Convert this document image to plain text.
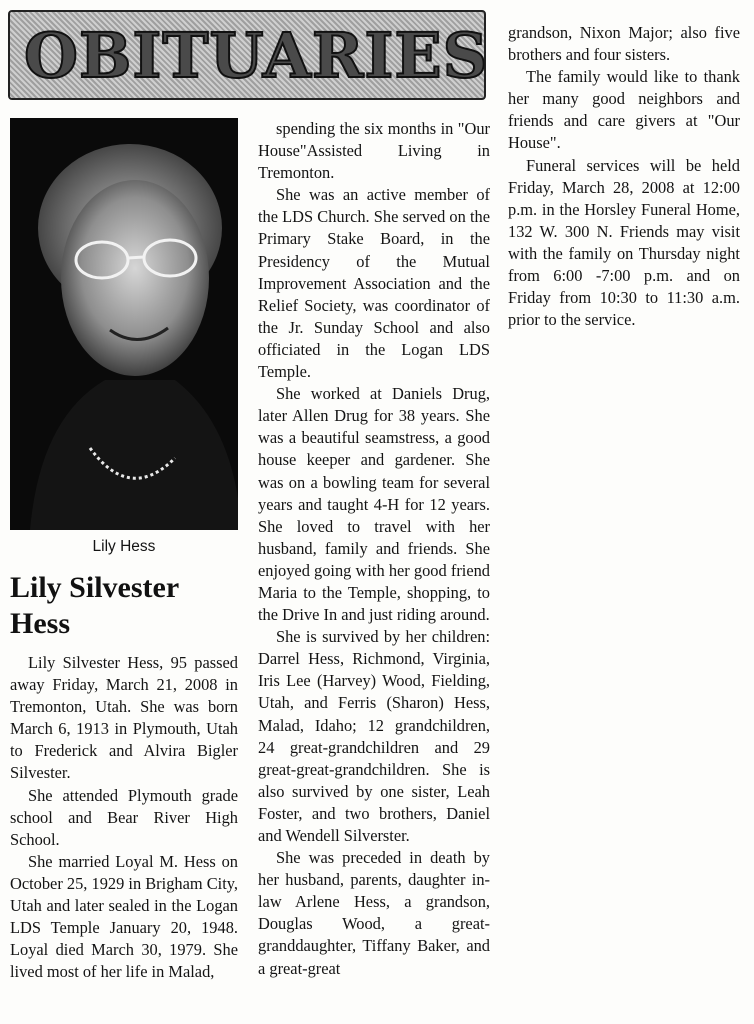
OBITUARIES

Lily Hess

Lily Silvester Hess

Lily Silvester Hess, 95 passed away Friday, March 21, 2008 in Tremonton, Utah. She was born March 6, 1913 in Plymouth, Utah to Frederick and Alvira Bigler Silvester.

She attended Plymouth grade school and Bear River High School.

She married Loyal M. Hess on October 25, 1929 in Brigham City, Utah and later sealed in the Logan LDS Temple January 20, 1948. Loyal died March 30, 1979. She lived most of her life in Malad,

spending the six months in "Our House"Assisted Living in Tremonton.

She was an active member of the LDS Church. She served on the Primary Stake Board, in the Presidency of the Mutual Improvement Association and the Relief Society, was coordinator of the Jr. Sunday School and also officiated in the Logan LDS Temple.

She worked at Daniels Drug, later Allen Drug for 38 years. She was a beautiful seamstress, a good house keeper and gardener. She was on a bowling team for several years and taught 4-H for 12 years. She loved to travel with her husband, family and friends. She enjoyed going with her good friend Maria to the Temple, shopping, to the Drive In and just riding around.

She is survived by her children: Darrel Hess, Richmond, Virginia, Iris Lee (Harvey) Wood, Fielding, Utah, and Ferris (Sharon) Hess, Malad, Idaho; 12 grandchildren, 24 great-grandchildren and 29 great-great-grandchildren. She is also survived by one sister, Leah Foster, and two brothers, Daniel and Wendell Silverster.

She was preceded in death by her husband, parents, daughter in- law Arlene Hess, a grandson, Douglas Wood, a great-granddaughter, Tiffany Baker, and a great-great

grandson, Nixon Major; also five brothers and four sisters.

The family would like to thank her many good neighbors and friends and care givers at "Our House".

Funeral services will be held Friday, March 28, 2008 at 12:00 p.m. in the Horsley Funeral Home, 132 W. 300 N. Friends may visit with the family on Thursday night from 6:00 -7:00 p.m. and on Friday from 10:30 to 11:30 a.m. prior to the service.
